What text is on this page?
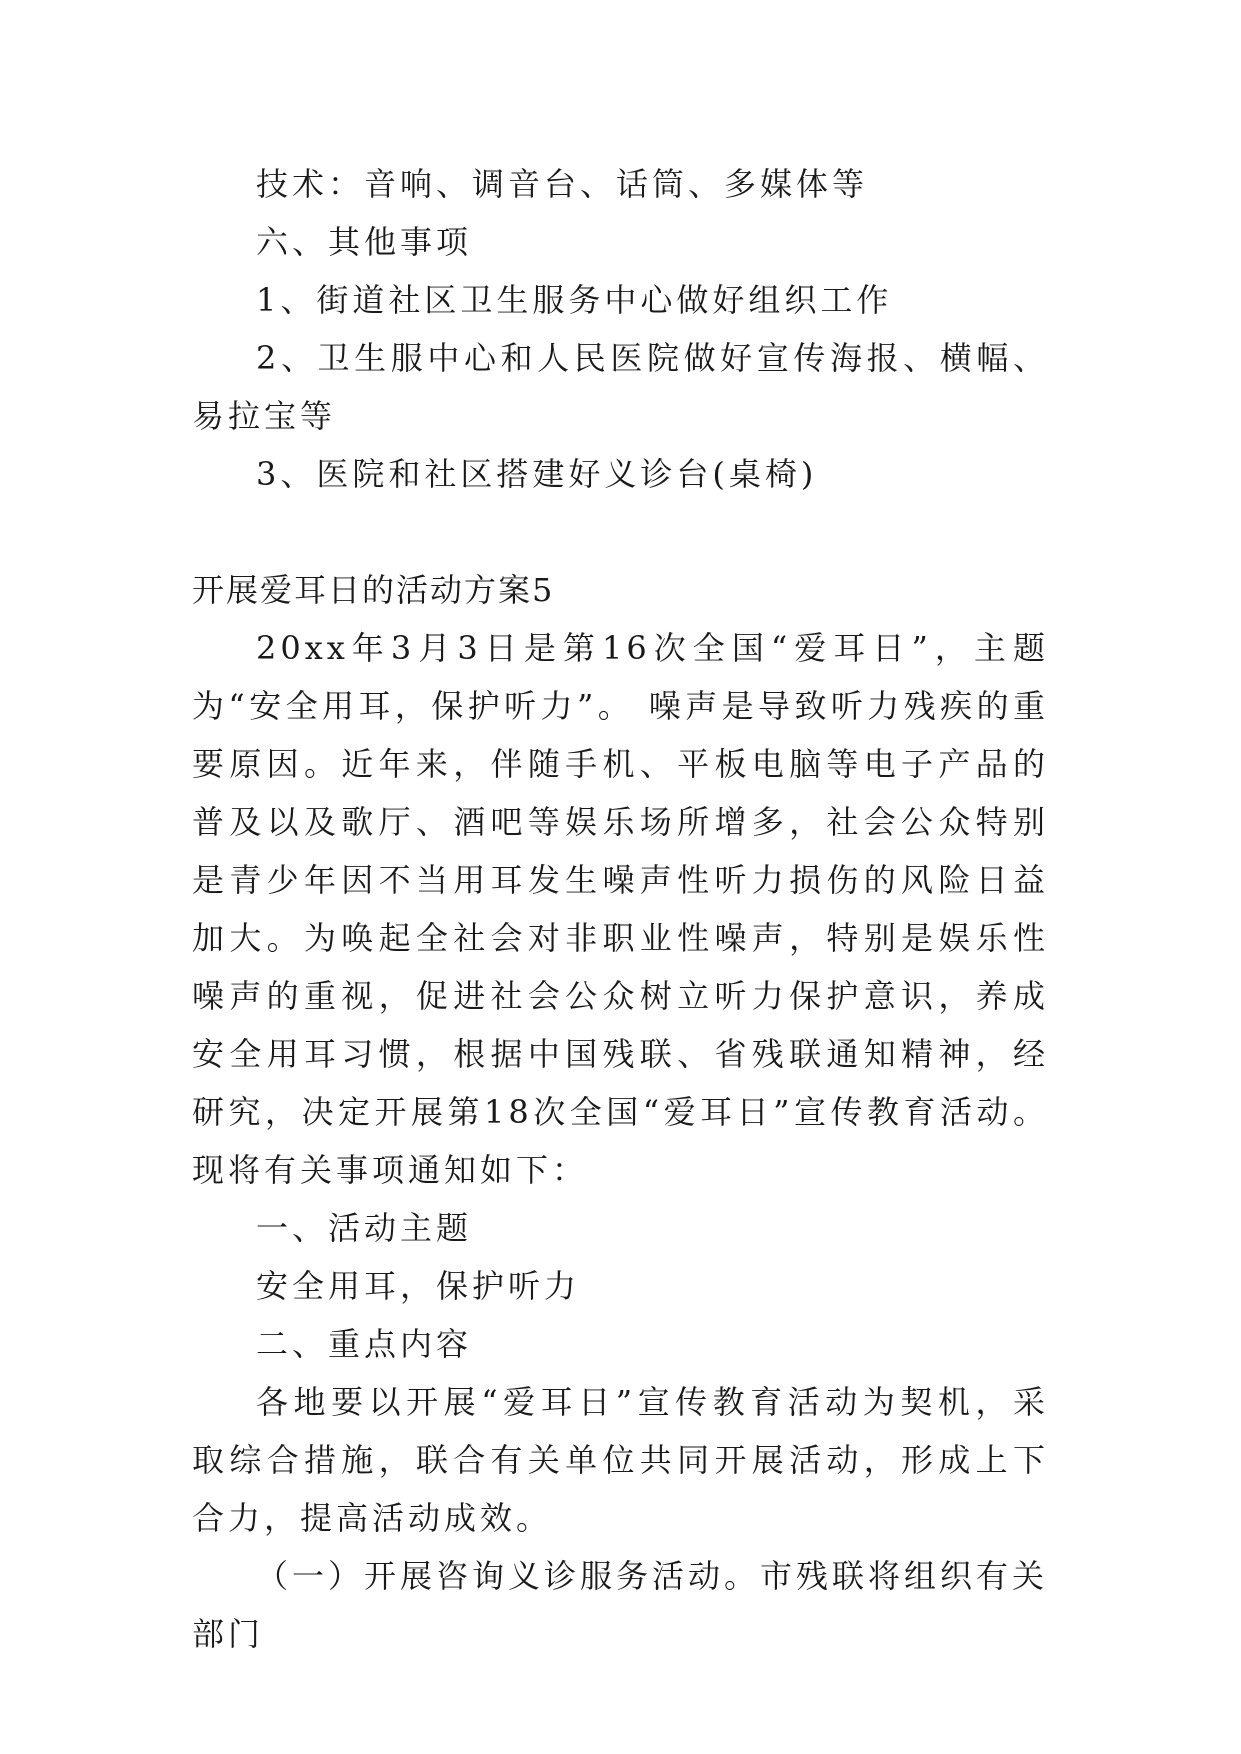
技术：音响、调音台、话筒、多媒体等

六、其他事项

1、街道社区卫生服务中心做好组织工作

2、卫生服中心和人民医院做好宣传海报、横幅、易拉宝等

3、医院和社区搭建好义诊台(桌椅)

开展爱耳日的活动方案5

20xx年3月3日是第16次全国“爱耳日”，主题为“安全用耳，保护听力”。 噪声是导致听力残疾的重要原因。近年来，伴随手机、平板电脑等电子产品的普及以及歌厅、酒吧等娱乐场所增多，社会公众特别是青少年因不当用耳发生噪声性听力损伤的风险日益加大。为唤起全社会对非职业性噪声，特别是娱乐性噪声的重视，促进社会公众树立听力保护意识，养成安全用耳习惯，根据中国残联、省残联通知精神，经研究，决定开展第18次全国“爱耳日”宣传教育活动。现将有关事项通知如下：

一、活动主题

安全用耳，保护听力

二、重点内容

各地要以开展“爱耳日”宣传教育活动为契机，采取综合措施，联合有关单位共同开展活动，形成上下合力，提高活动成效。

（一）开展咨询义诊服务活动。市残联将组织有关部门
